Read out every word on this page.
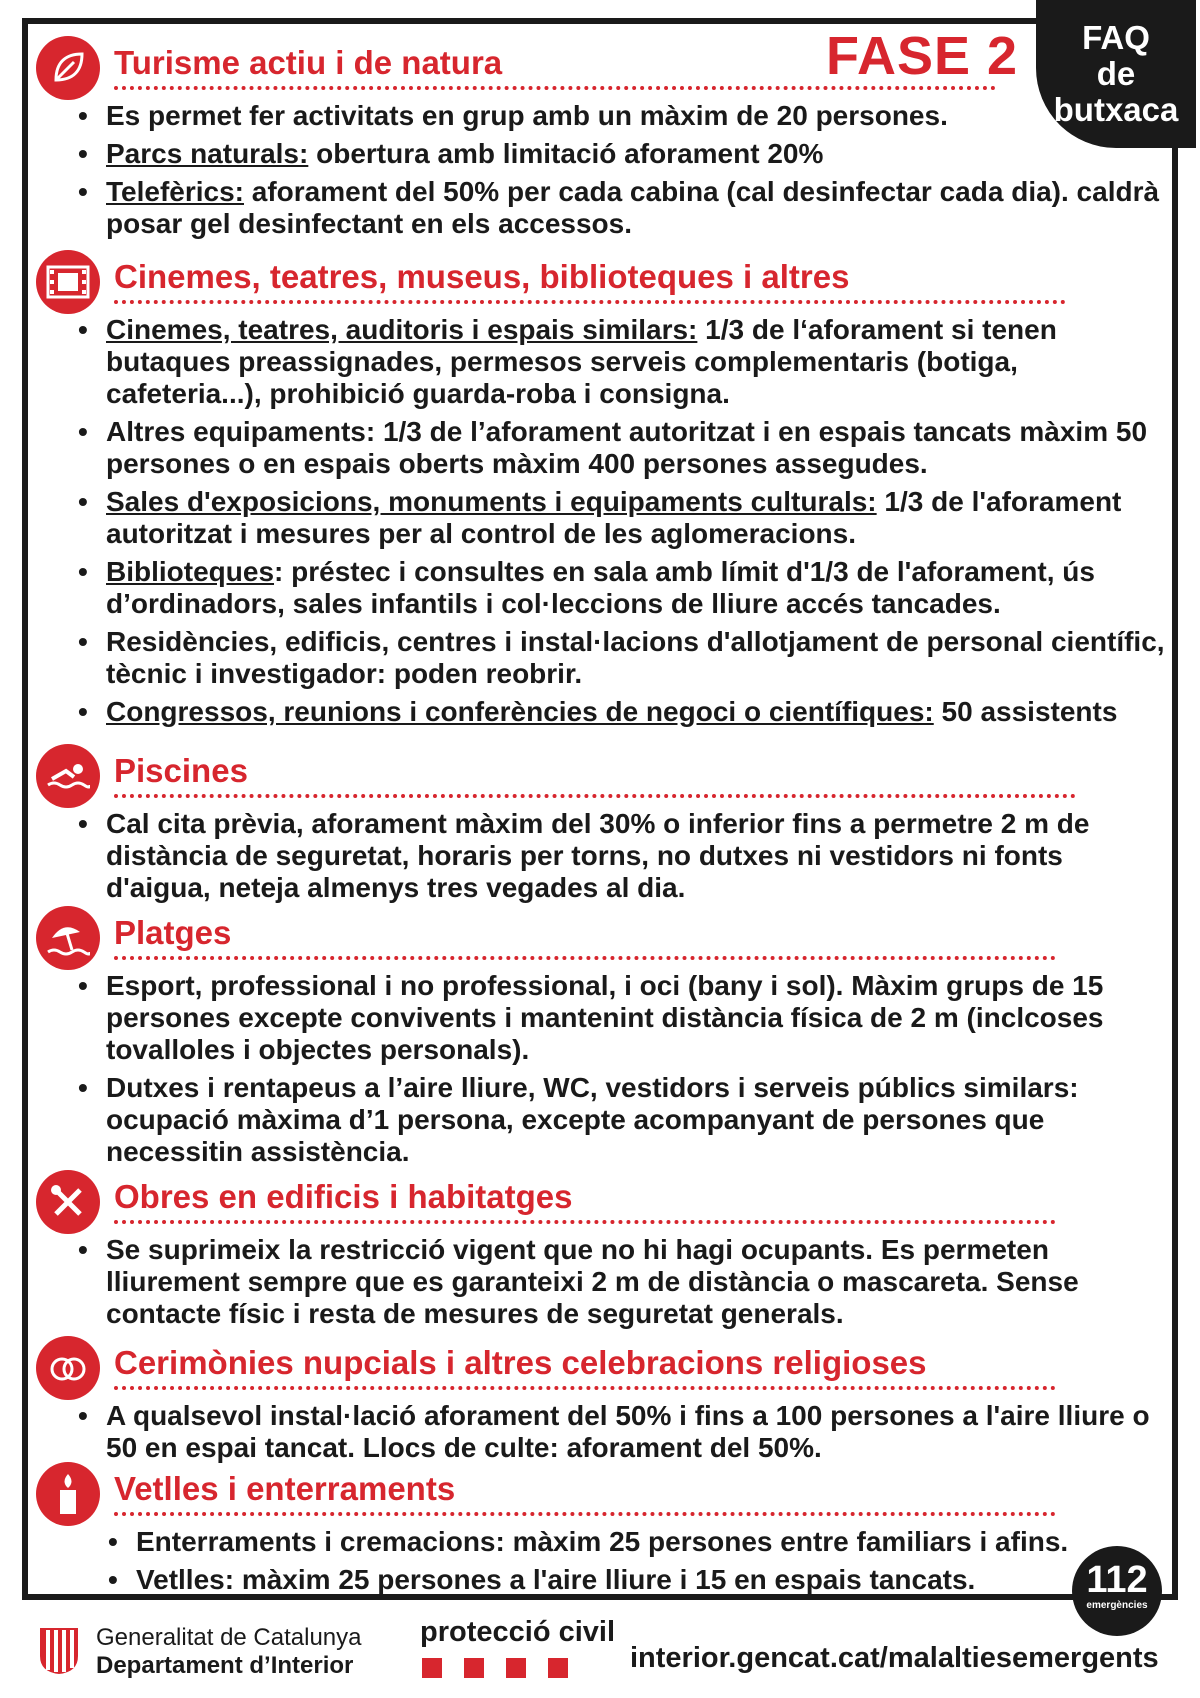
FASE 2 FAQ
de
butxaca
Turisme actiu i de natura
• Es permet fer activitats en grup amb un màxim de 20 persones.
• Parcs naturals: obertura amb limitació aforament 20%
• Telefèrics: aforament del 50% per cada cabina (cal desinfectar cada dia). caldrà posar gel desinfectant en els accessos.
Cinemes, teatres, museus, biblioteques i altres
• Cinemes, teatres, auditoris i espais similars: 1/3 de l‘aforament si tenen butaques preassignades, permesos serveis complementaris (botiga, cafeteria...), prohibició guarda-roba i consigna.
• Altres equipaments: 1/3 de l’aforament autoritzat i en espais tancats màxim 50 persones o en espais oberts màxim 400 persones assegudes.
• Sales d'exposicions, monuments i equipaments culturals: 1/3 de l'aforament autoritzat i mesures per al control de les aglomeracions.
• Biblioteques: préstec i consultes en sala amb límit d'1/3 de l'aforament, ús d’ordinadors, sales infantils i col·leccions de lliure accés tancades.
• Residències, edificis, centres i instal·lacions d'allotjament de personal científic, tècnic i investigador: poden reobrir.
• Congressos, reunions i conferències de negoci o científiques: 50 assistents
Piscines
• Cal cita prèvia, aforament màxim del 30% o inferior fins a permetre 2 m de distància de seguretat, horaris per torns, no dutxes ni vestidors ni fonts d'aigua, neteja almenys tres vegades al dia.
Platges
• Esport, professional i no professional, i oci (bany i sol). Màxim grups de 15 persones excepte convivents i mantenint distància física de 2 m (inclcoses tovalloles i objectes personals).
• Dutxes i rentapeus a l’aire lliure, WC, vestidors i serveis públics similars: ocupació màxima d’1 persona, excepte acompanyant de persones que necessitin assistència.
Obres en edificis i habitatges
• Se suprimeix la restricció vigent que no hi hagi ocupants. Es permeten lliurement sempre que es garanteixi 2 m de distància o mascareta. Sense contacte físic i resta de mesures de seguretat generals.
Cerimònies nupcials i altres celebracions religioses
• A qualsevol instal·lació aforament del 50% i fins a 100 persones a l'aire lliure o 50 en espai tancat. Llocs de culte: aforament del 50%.
Vetlles i enterraments
• Enterraments i cremacions: màxim 25 persones entre familiars i afins.
• Vetlles: màxim 25 persones a l'aire lliure i 15 en espais tancats.	112
emergències
Generalitat de Catalunya
Departament d’Interior
protecció civil
interior.gencat.cat/malaltiesemergents
